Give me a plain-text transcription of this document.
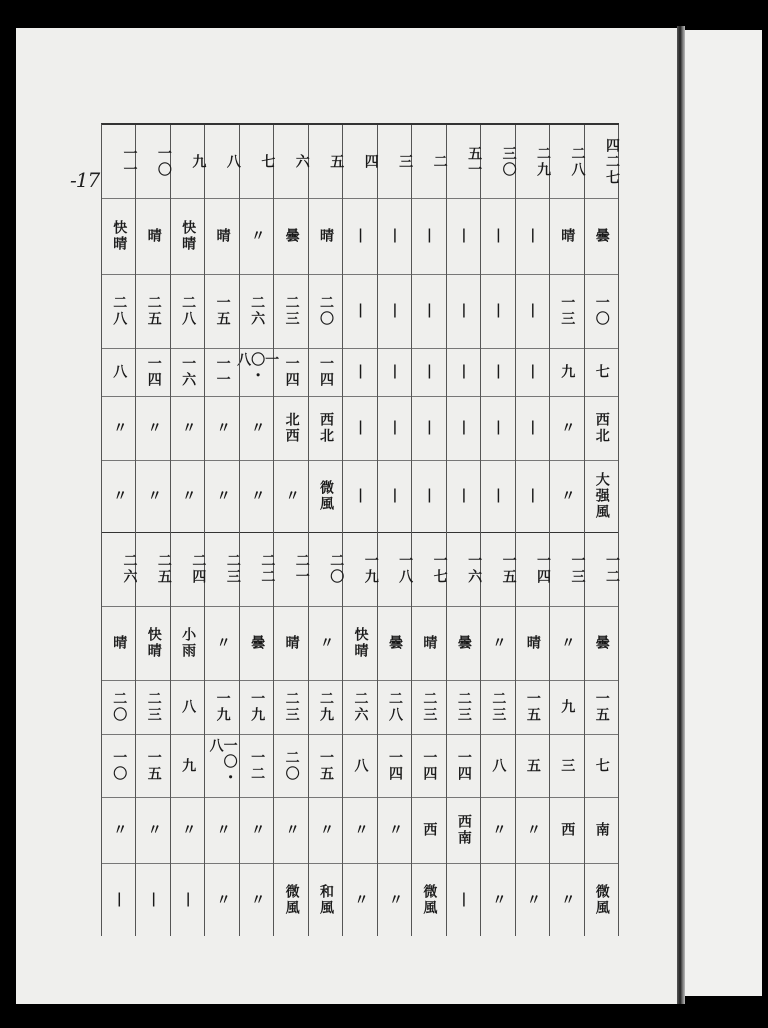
-17	四二七
曇
一〇
七
西北
大强風
一二
曇
一五
七
南
微風
二八
晴
一三
九
〃
〃
一三
〃
九
三
西
〃
二九
|
|
|
|
|
一四
晴
一五
五
〃
〃
三〇
|
|
|
|
|
一五
〃
二三
八
〃
〃
五一
|
|
|
|
|
一六
曇
二三
一四
西南
|
二
|
|
|
|
|
一七
晴
二三
一四
西
微風
三
|
|
|
|
|
一八
曇
二八
一四
〃
〃
四
|
|
|
|
|
一九
快晴
二六
八
〃
〃
五
晴
二〇
一四
西北
微風
二〇
〃
二九
一五
〃
和風
六
曇
二三
一四
北西
〃
二一
晴
二三
二〇
〃
微風
七
〃
二六
一〇・八
〃
〃
二二
曇
一九
一二
〃
〃
八
晴
一五
一一
〃
〃
二三
〃
一九
一〇・八
〃
〃
九
快晴
二八
一六
〃
〃
二四
小雨
八
九
〃
|
一〇
晴
二五
一四
〃
〃
二五
快晴
二三
一五
〃
|
一一
快晴
二八
八
〃
〃
二六
晴
二〇
一〇
〃
|
